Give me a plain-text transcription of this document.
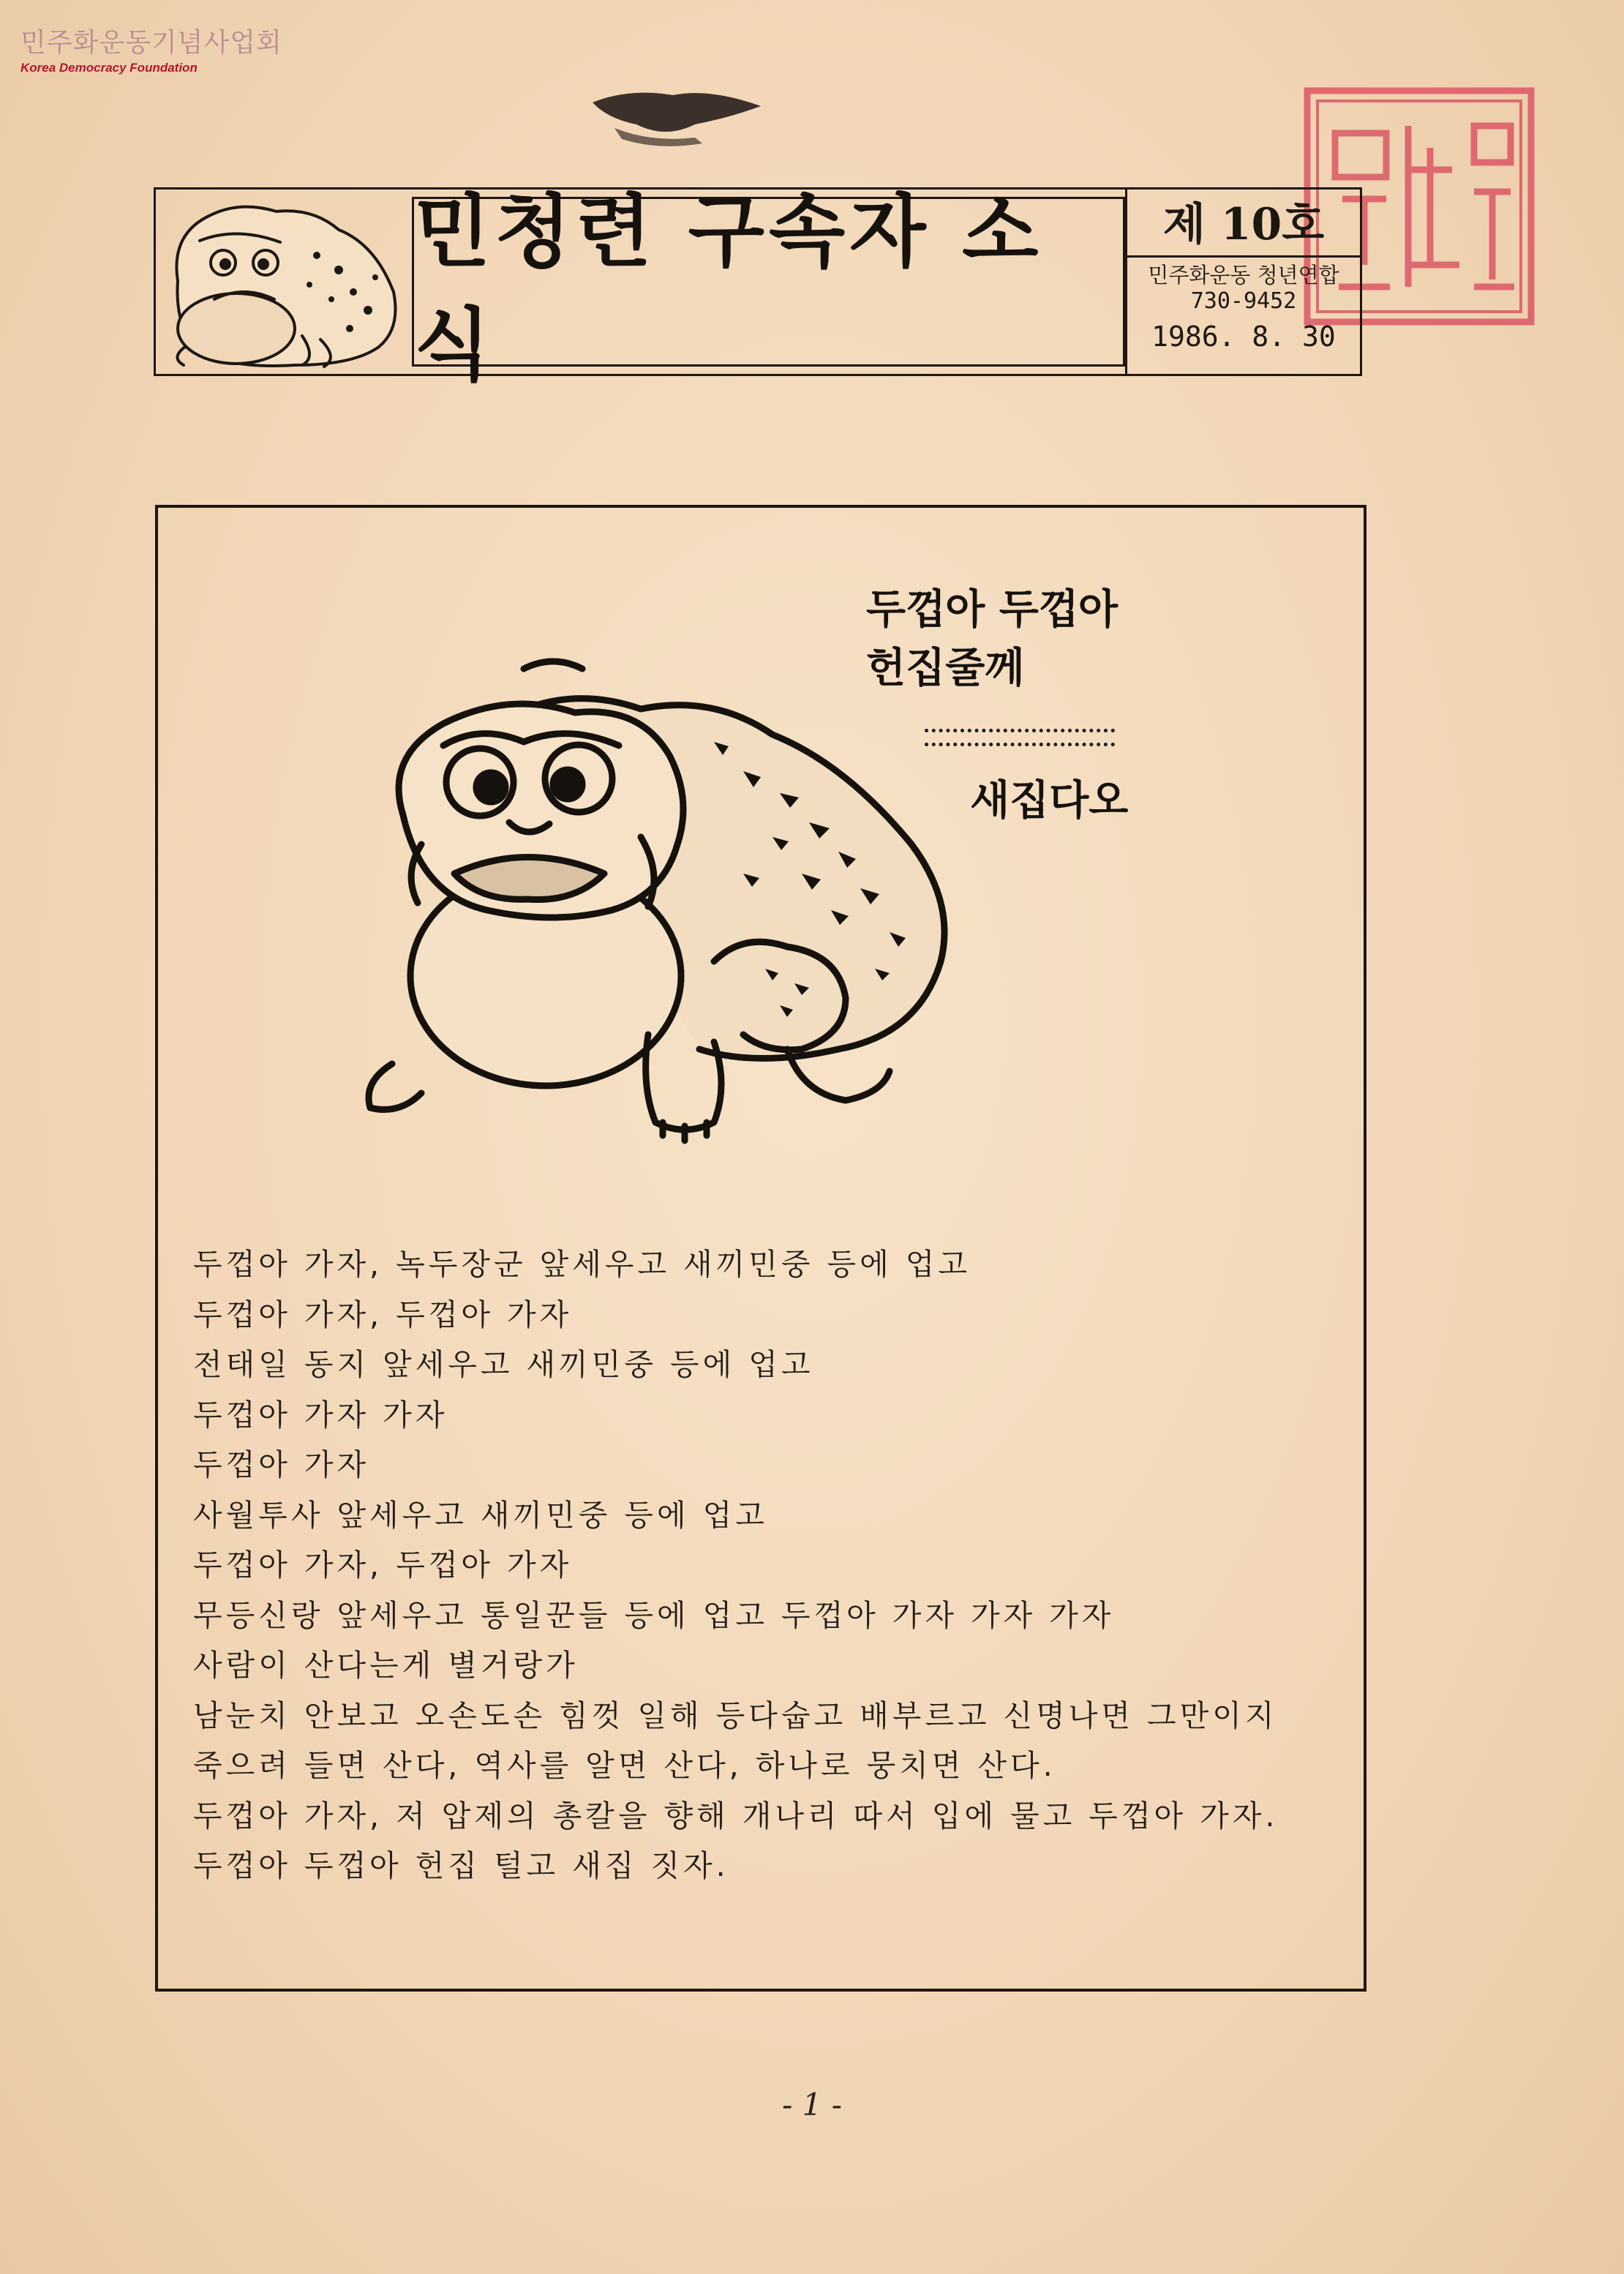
민주화운동기념사업회
Korea Democracy Foundation
민청련 구속자 소식
제 10호
민주화운동 청년연합
730-9452
1986. 8. 30
두껍아 두껍아
헌집줄께
새집다오
두껍아 가자, 녹두장군 앞세우고 새끼민중 등에 업고
두껍아 가자, 두껍아 가자
전태일 동지 앞세우고 새끼민중 등에 업고
두껍아 가자 가자
두껍아 가자
사월투사 앞세우고 새끼민중 등에 업고
두껍아 가자, 두껍아 가자
무등신랑 앞세우고 통일꾼들 등에 업고 두껍아 가자 가자 가자
사람이 산다는게 별거랑가
남눈치 안보고 오손도손 힘껏 일해 등다숩고 배부르고 신명나면 그만이지
죽으려 들면 산다, 역사를 알면 산다, 하나로 뭉치면 산다.
두껍아 가자, 저 압제의 총칼을 향해 개나리 따서 입에 물고 두껍아 가자.
두껍아 두껍아 헌집 털고 새집 짓자.
- 1 -
